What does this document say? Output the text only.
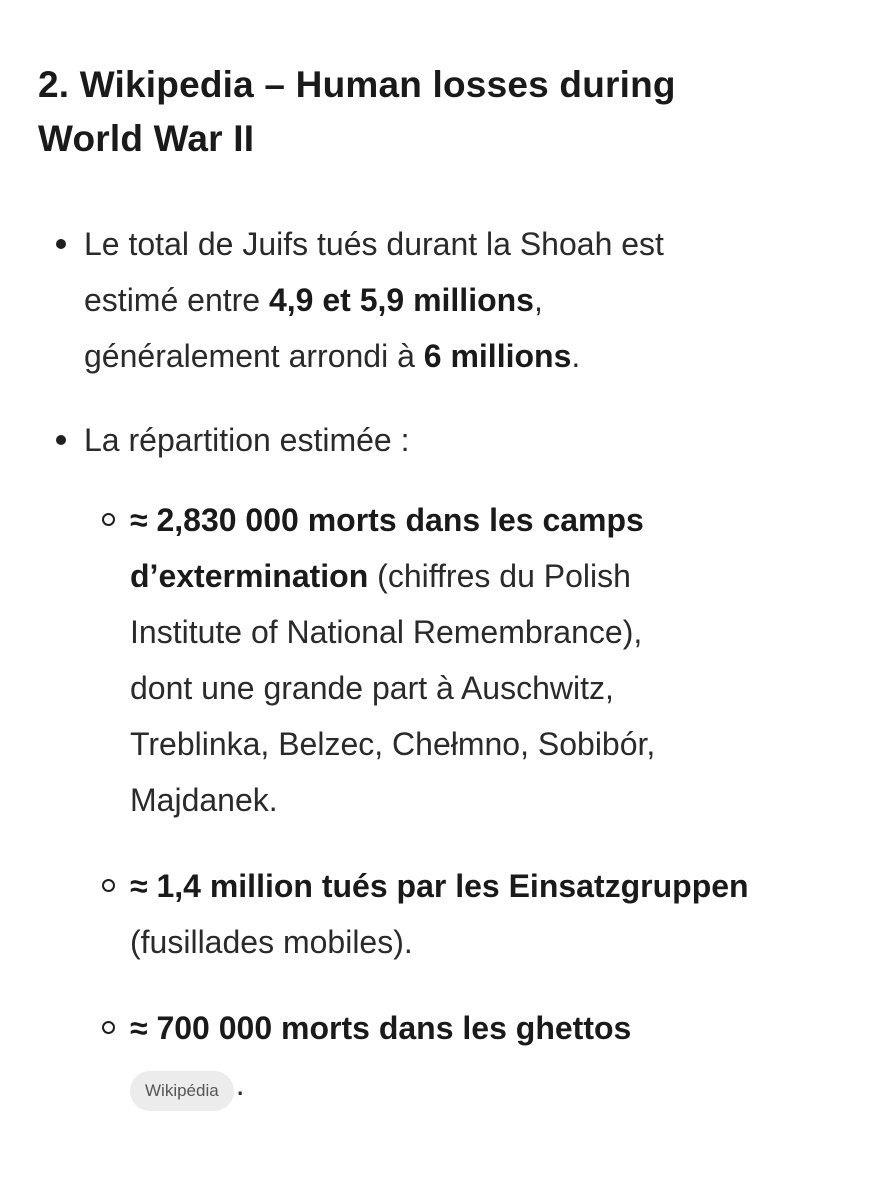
2. Wikipedia – Human losses during
World War II
Le total de Juifs tués durant la Shoah est
estimé entre 4,9 et 5,9 millions,
généralement arrondi à 6 millions.
La répartition estimée :
≈ 2,830 000 morts dans les camps
d’extermination (chiffres du Polish
Institute of National Remembrance),
dont une grande part à Auschwitz,
Treblinka, Belzec, Chełmno, Sobibór,
Majdanek.
≈ 1,4 million tués par les Einsatzgruppen
(fusillades mobiles).
≈ 700 000 morts dans les ghettos
Wikipédia .
